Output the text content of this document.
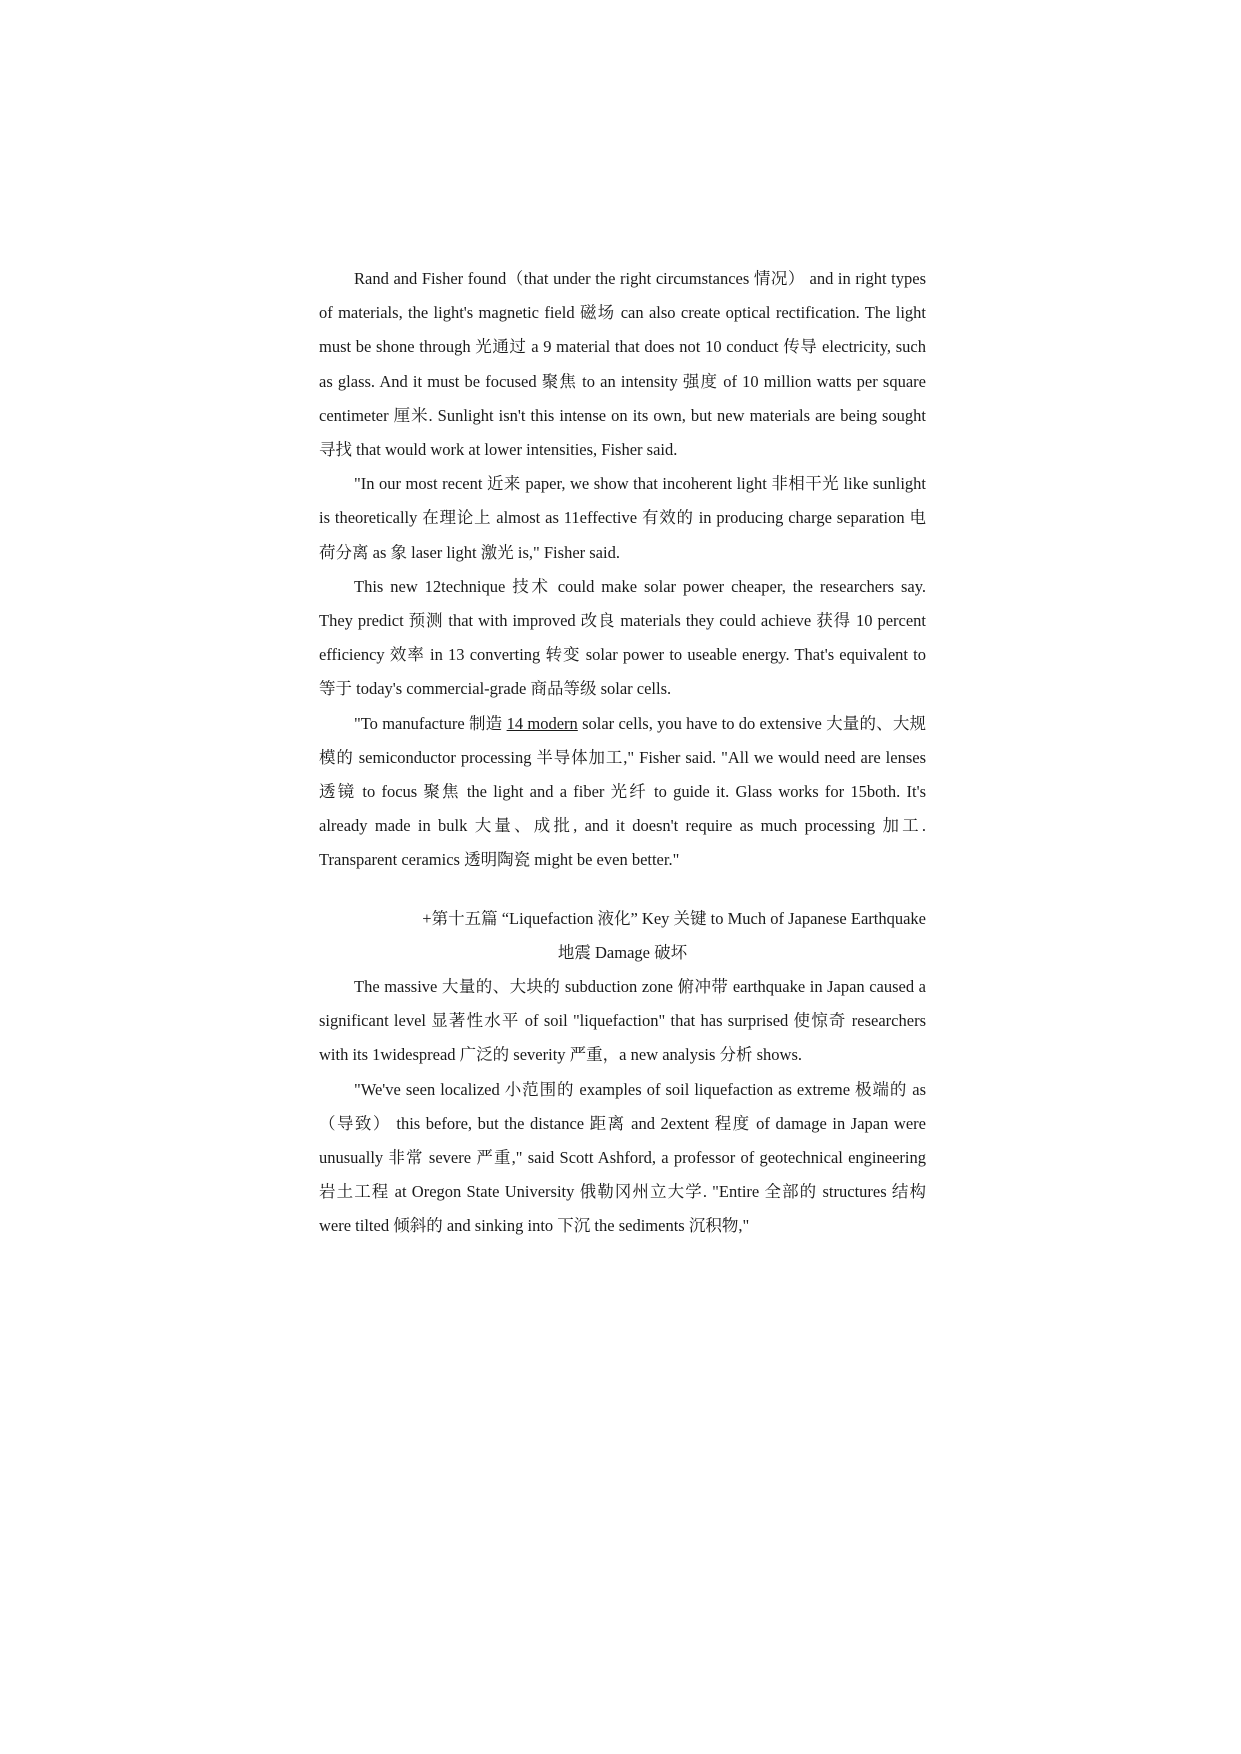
Rand and Fisher found（that under the right circumstances 情况） and in right types of materials, the light's magnetic field 磁场 can also create optical rectification. The light must be shone through 光通过 a 9 material that does not 10 conduct 传导 electricity, such as glass. And it must be focused 聚焦 to an intensity 强度 of 10 million watts per square centimeter 厘米. Sunlight isn't this intense on its own, but new materials are being sought 寻找 that would work at lower intensities, Fisher said.

"In our most recent 近来 paper, we show that incoherent light 非相干光 like sunlight is theoretically 在理论上 almost as 11effective 有效的 in producing charge separation 电荷分离 as 象 laser light 激光 is," Fisher said.

This new 12technique 技术 could make solar power cheaper, the researchers say. They predict 预测 that with improved 改良 materials they could achieve 获得 10 percent efficiency 效率 in 13 converting 转变 solar power to useable energy. That's equivalent to 等于 today's commercial-grade 商品等级 solar cells.

"To manufacture 制造 14 modern solar cells, you have to do extensive 大量的、大规模的 semiconductor processing 半导体加工," Fisher said. "All we would need are lenses 透镜 to focus 聚焦 the light and a fiber 光纤 to guide it. Glass works for 15both. It's already made in bulk 大量、成批, and it doesn't require as much processing 加工. Transparent ceramics 透明陶瓷 might be even better."

+第十五篇 “Liquefaction 液化” Key 关键 to Much of Japanese Earthquake
地震 Damage 破坏

The massive 大量的、大块的 subduction zone 俯冲带 earthquake in Japan caused a significant level 显著性水平 of soil "liquefaction" that has surprised 使惊奇 researchers with its 1widespread 广泛的 severity 严重，a new analysis 分析 shows.

"We've seen localized 小范围的 examples of soil liquefaction as extreme 极端的 as（导致） this before, but the distance 距离 and 2extent 程度 of damage in Japan were unusually 非常 severe 严重," said Scott Ashford, a professor of geotechnical engineering 岩土工程 at Oregon State University 俄勒冈州立大学. "Entire 全部的 structures 结构 were tilted 倾斜的 and sinking into 下沉 the sediments 沉积物,"
